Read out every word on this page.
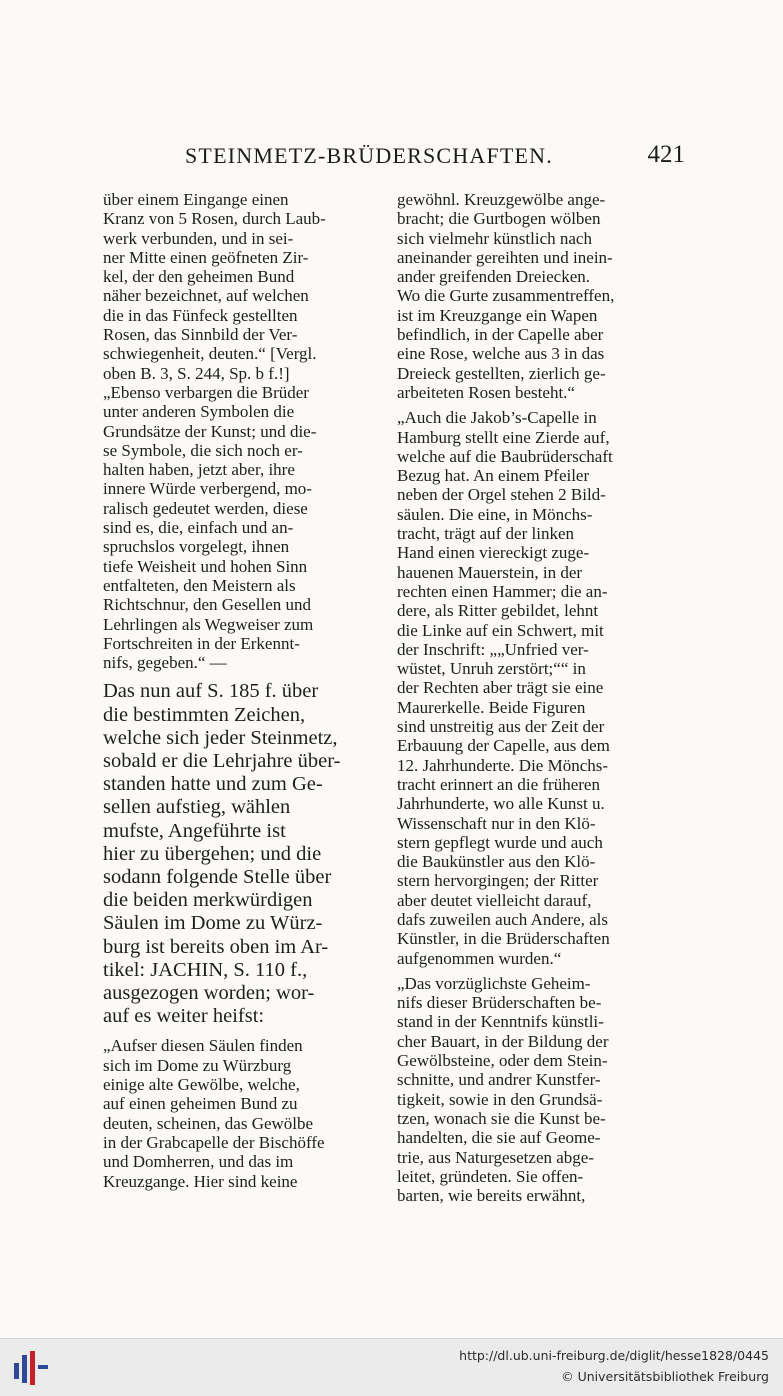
STEINMETZ-BRÜDERSCHAFTEN.	421
über einem Eingange einen
Kranz von 5 Rosen, durch Laub-
werk verbunden, und in sei-
ner Mitte einen geöfneten Zir-
kel, der den geheimen Bund
näher bezeichnet, auf welchen
die in das Fünfeck gestellten
Rosen, das Sinnbild der Ver-
schwiegenheit, deuten.“ [Vergl.
oben B. 3, S. 244, Sp. b f.!]
„Ebenso verbargen die Brüder
unter anderen Symbolen die
Grundsätze der Kunst; und die-
se Symbole, die sich noch er-
halten haben, jetzt aber, ihre
innere Würde verbergend, mo-
ralisch gedeutet werden, diese
sind es, die, einfach und an-
spruchslos vorgelegt, ihnen
tiefe Weisheit und hohen Sinn
entfalteten, den Meistern als
Richtschnur, den Gesellen und
Lehrlingen als Wegweiser zum
Fortschreiten in der Erkennt-
nifs, gegeben.“ —
Das nun auf S. 185 f. über
die bestimmten Zeichen,
welche sich jeder Steinmetz,
sobald er die Lehrjahre über-
standen hatte und zum Ge-
sellen aufstieg, wählen
mufste, Angeführte ist
hier zu übergehen; und die
sodann folgende Stelle über
die beiden merkwürdigen
Säulen im Dome zu Würz-
burg ist bereits oben im Ar-
tikel: JACHIN, S. 110 f.,
ausgezogen worden; wor-
auf es weiter heifst:
„Aufser diesen Säulen finden
sich im Dome zu Würzburg
einige alte Gewölbe, welche,
auf einen geheimen Bund zu
deuten, scheinen, das Gewölbe
in der Grabcapelle der Bischöffe
und Domherren, und das im
Kreuzgange. Hier sind keine
gewöhnl. Kreuzgewölbe ange-
bracht; die Gurtbogen wölben
sich vielmehr künstlich nach
aneinander gereihten und inein-
ander greifenden Dreiecken.
Wo die Gurte zusammentreffen,
ist im Kreuzgange ein Wapen
befindlich, in der Capelle aber
eine Rose, welche aus 3 in das
Dreieck gestellten, zierlich ge-
arbeiteten Rosen besteht.“
„Auch die Jakob’s-Capelle in
Hamburg stellt eine Zierde auf,
welche auf die Baubrüderschaft
Bezug hat. An einem Pfeiler
neben der Orgel stehen 2 Bild-
säulen. Die eine, in Mönchs-
tracht, trägt auf der linken
Hand einen viereckigt zuge-
hauenen Mauerstein, in der
rechten einen Hammer; die an-
dere, als Ritter gebildet, lehnt
die Linke auf ein Schwert, mit
der Inschrift: „„Unfried ver-
wüstet, Unruh zerstört;““ in
der Rechten aber trägt sie eine
Maurerkelle. Beide Figuren
sind unstreitig aus der Zeit der
Erbauung der Capelle, aus dem
12. Jahrhunderte. Die Mönchs-
tracht erinnert an die früheren
Jahrhunderte, wo alle Kunst u.
Wissenschaft nur in den Klö-
stern gepflegt wurde und auch
die Baukünstler aus den Klö-
stern hervorgingen; der Ritter
aber deutet vielleicht darauf,
dafs zuweilen auch Andere, als
Künstler, in die Brüderschaften
aufgenommen wurden.“
„Das vorzüglichste Geheim-
nifs dieser Brüderschaften be-
stand in der Kenntnifs künstli-
cher Bauart, in der Bildung der
Gewölbsteine, oder dem Stein-
schnitte, und andrer Kunstfer-
tigkeit, sowie in den Grundsä-
tzen, wonach sie die Kunst be-
handelten, die sie auf Geome-
trie, aus Naturgesetzen abge-
leitet, gründeten. Sie offen-
barten, wie bereits erwähnt,
http://dl.ub.uni-freiburg.de/diglit/hesse1828/0445
© Universitätsbibliothek Freiburg
